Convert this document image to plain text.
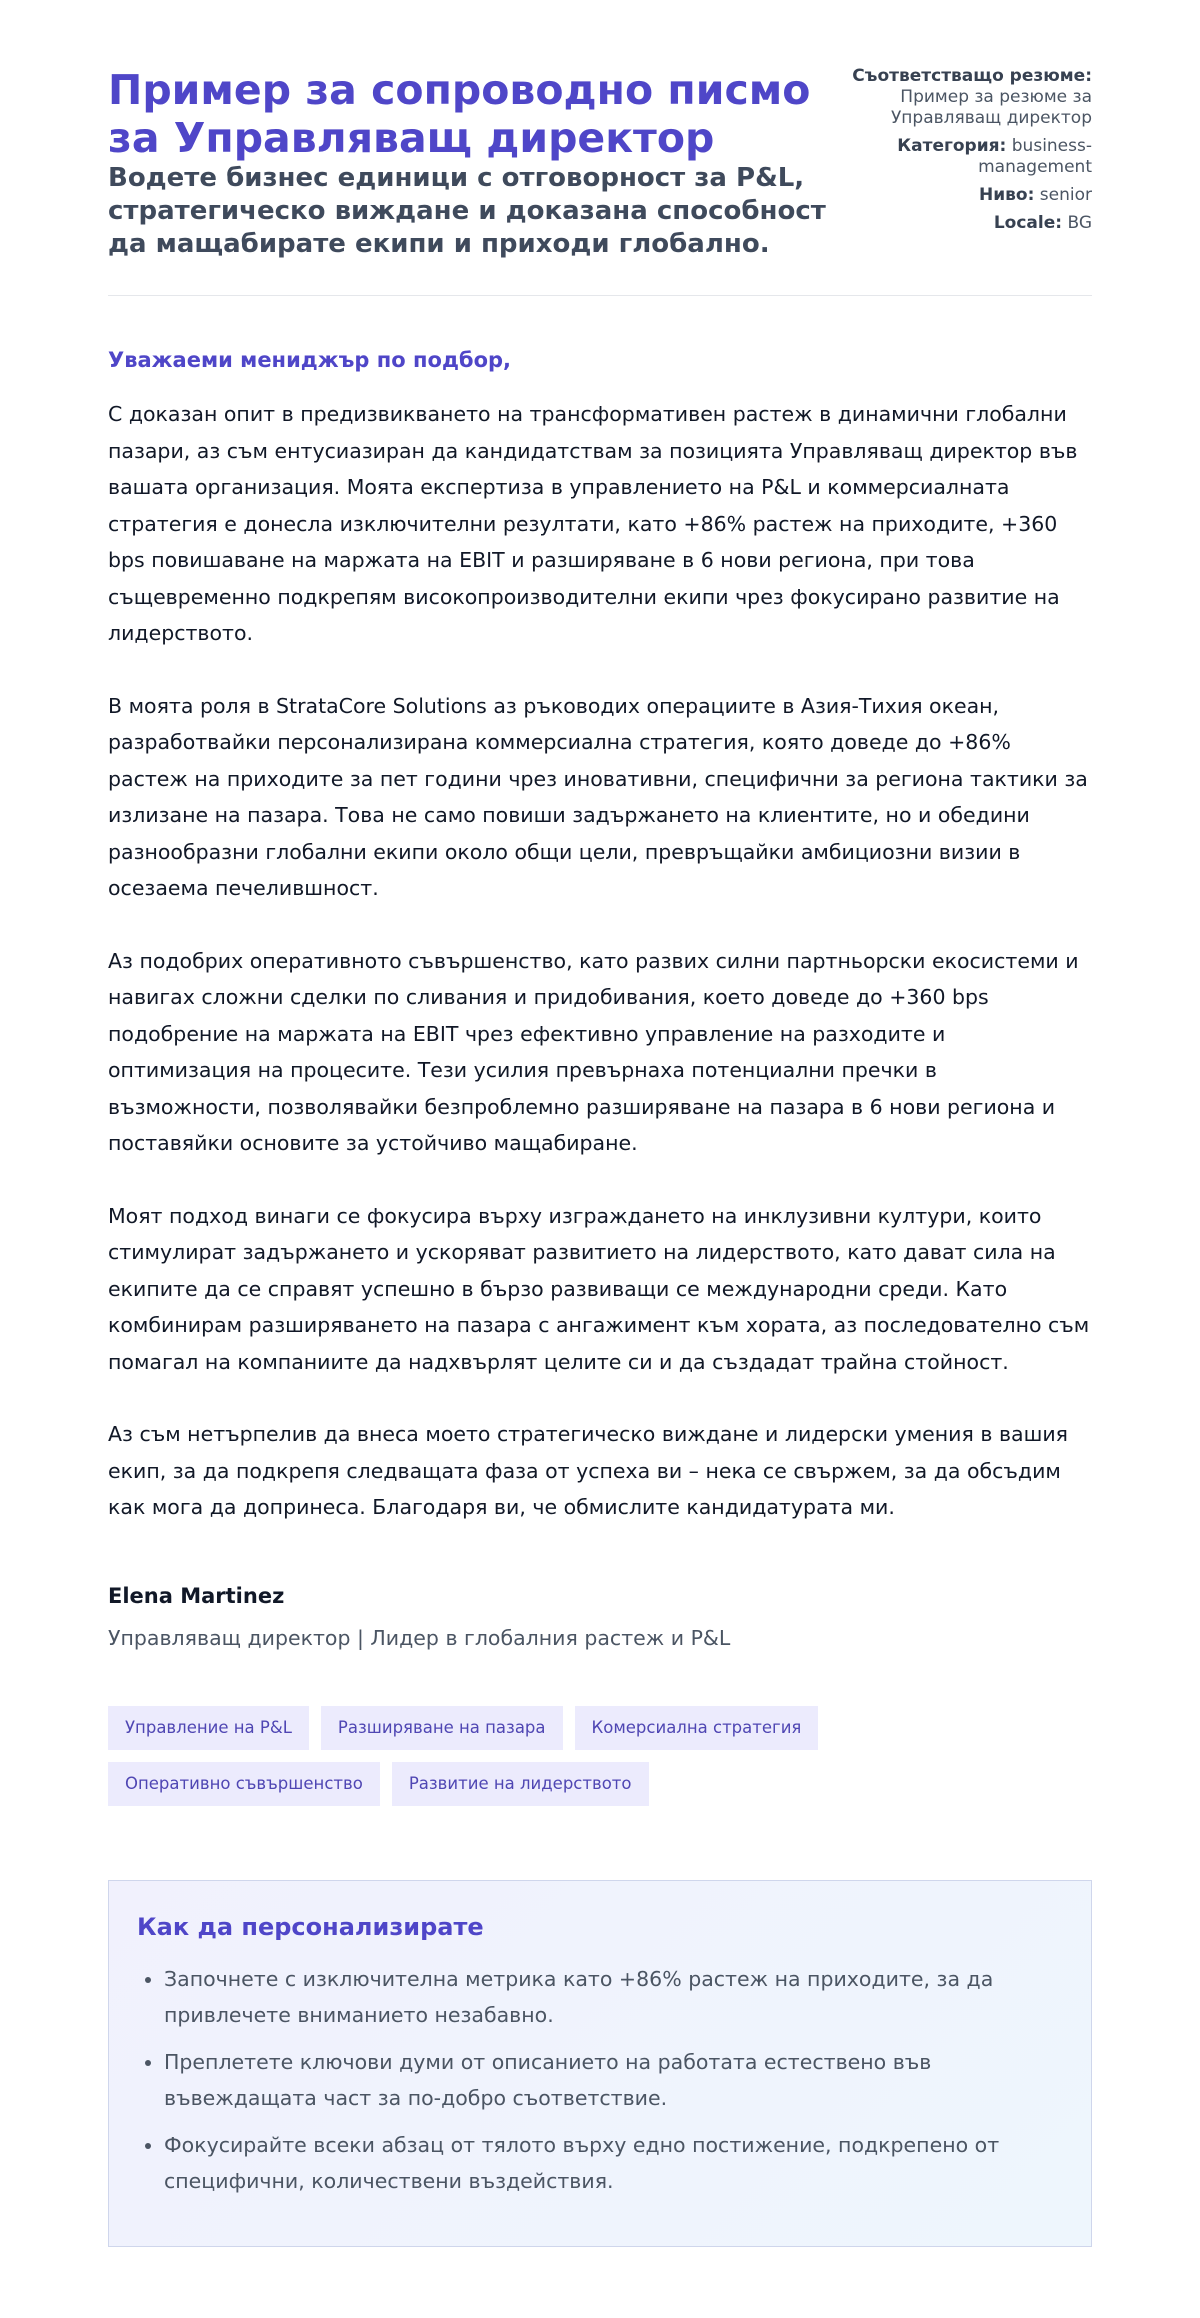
Пример за сопроводно писмо за Управляващ директор
Водете бизнес единици с отговорност за P&L, стратегическо виждане и доказана способност да мащабирате екипи и приходи глобално.
Съответстващо резюме: Пример за резюме за Управляващ директор
Категория: business-management
Ниво: senior
Locale: BG

Уважаеми мениджър по подбор,

С доказан опит в предизвикването на трансформативен растеж в динамични глобални пазари, аз съм ентусиазиран да кандидатствам за позицията Управляващ директор във вашата организация. Моята експертиза в управлението на P&L и коммерсиалната стратегия е донесла изключителни резултати, като +86% растеж на приходите, +360 bps повишаване на маржата на EBIT и разширяване в 6 нови региона, при това същевременно подкрепям високопроизводителни екипи чрез фокусирано развитие на лидерството.

В моята роля в StrataCore Solutions аз ръководих операциите в Азия-Тихия океан, разработвайки персонализирана коммерсиална стратегия, която доведе до +86% растеж на приходите за пет години чрез иновативни, специфични за региона тактики за излизане на пазара. Това не само повиши задържането на клиентите, но и обедини разнообразни глобални екипи около общи цели, превръщайки амбициозни визии в осезаема печелившност.

Аз подобрих оперативното съвършенство, като развих силни партньорски екосистеми и навигах сложни сделки по сливания и придобивания, което доведе до +360 bps подобрение на маржата на EBIT чрез ефективно управление на разходите и оптимизация на процесите. Тези усилия превърнаха потенциални пречки в възможности, позволявайки безпроблемно разширяване на пазара в 6 нови региона и поставяйки основите за устойчиво мащабиране.

Моят подход винаги се фокусира върху изграждането на инклузивни култури, които стимулират задържането и ускоряват развитието на лидерството, като дават сила на екипите да се справят успешно в бързо развиващи се международни среди. Като комбинирам разширяването на пазара с ангажимент към хората, аз последователно съм помагал на компаниите да надхвърлят целите си и да създадат трайна стойност.

Аз съм нетърпелив да внеса моето стратегическо виждане и лидерски умения в вашия екип, за да подкрепя следващата фаза от успеха ви – нека се свържем, за да обсъдим как мога да допринеса. Благодаря ви, че обмислите кандидатурата ми.

Elena Martinez

Управляващ директор | Лидер в глобалния растеж и P&L

Управление на P&L	Разширяване на пазара	Комерсиална стратегия
Оперативно съвършенство	Развитие на лидерството
Как да персонализирате
• Започнете с изключителна метрика като +86% растеж на приходите, за да привлечете вниманието незабавно.
• Преплетете ключови думи от описанието на работата естествено във въвеждащата част за по-добро съответствие.
• Фокусирайте всеки абзац от тялото върху едно постижение, подкрепено от специфични, количествени въздействия.
